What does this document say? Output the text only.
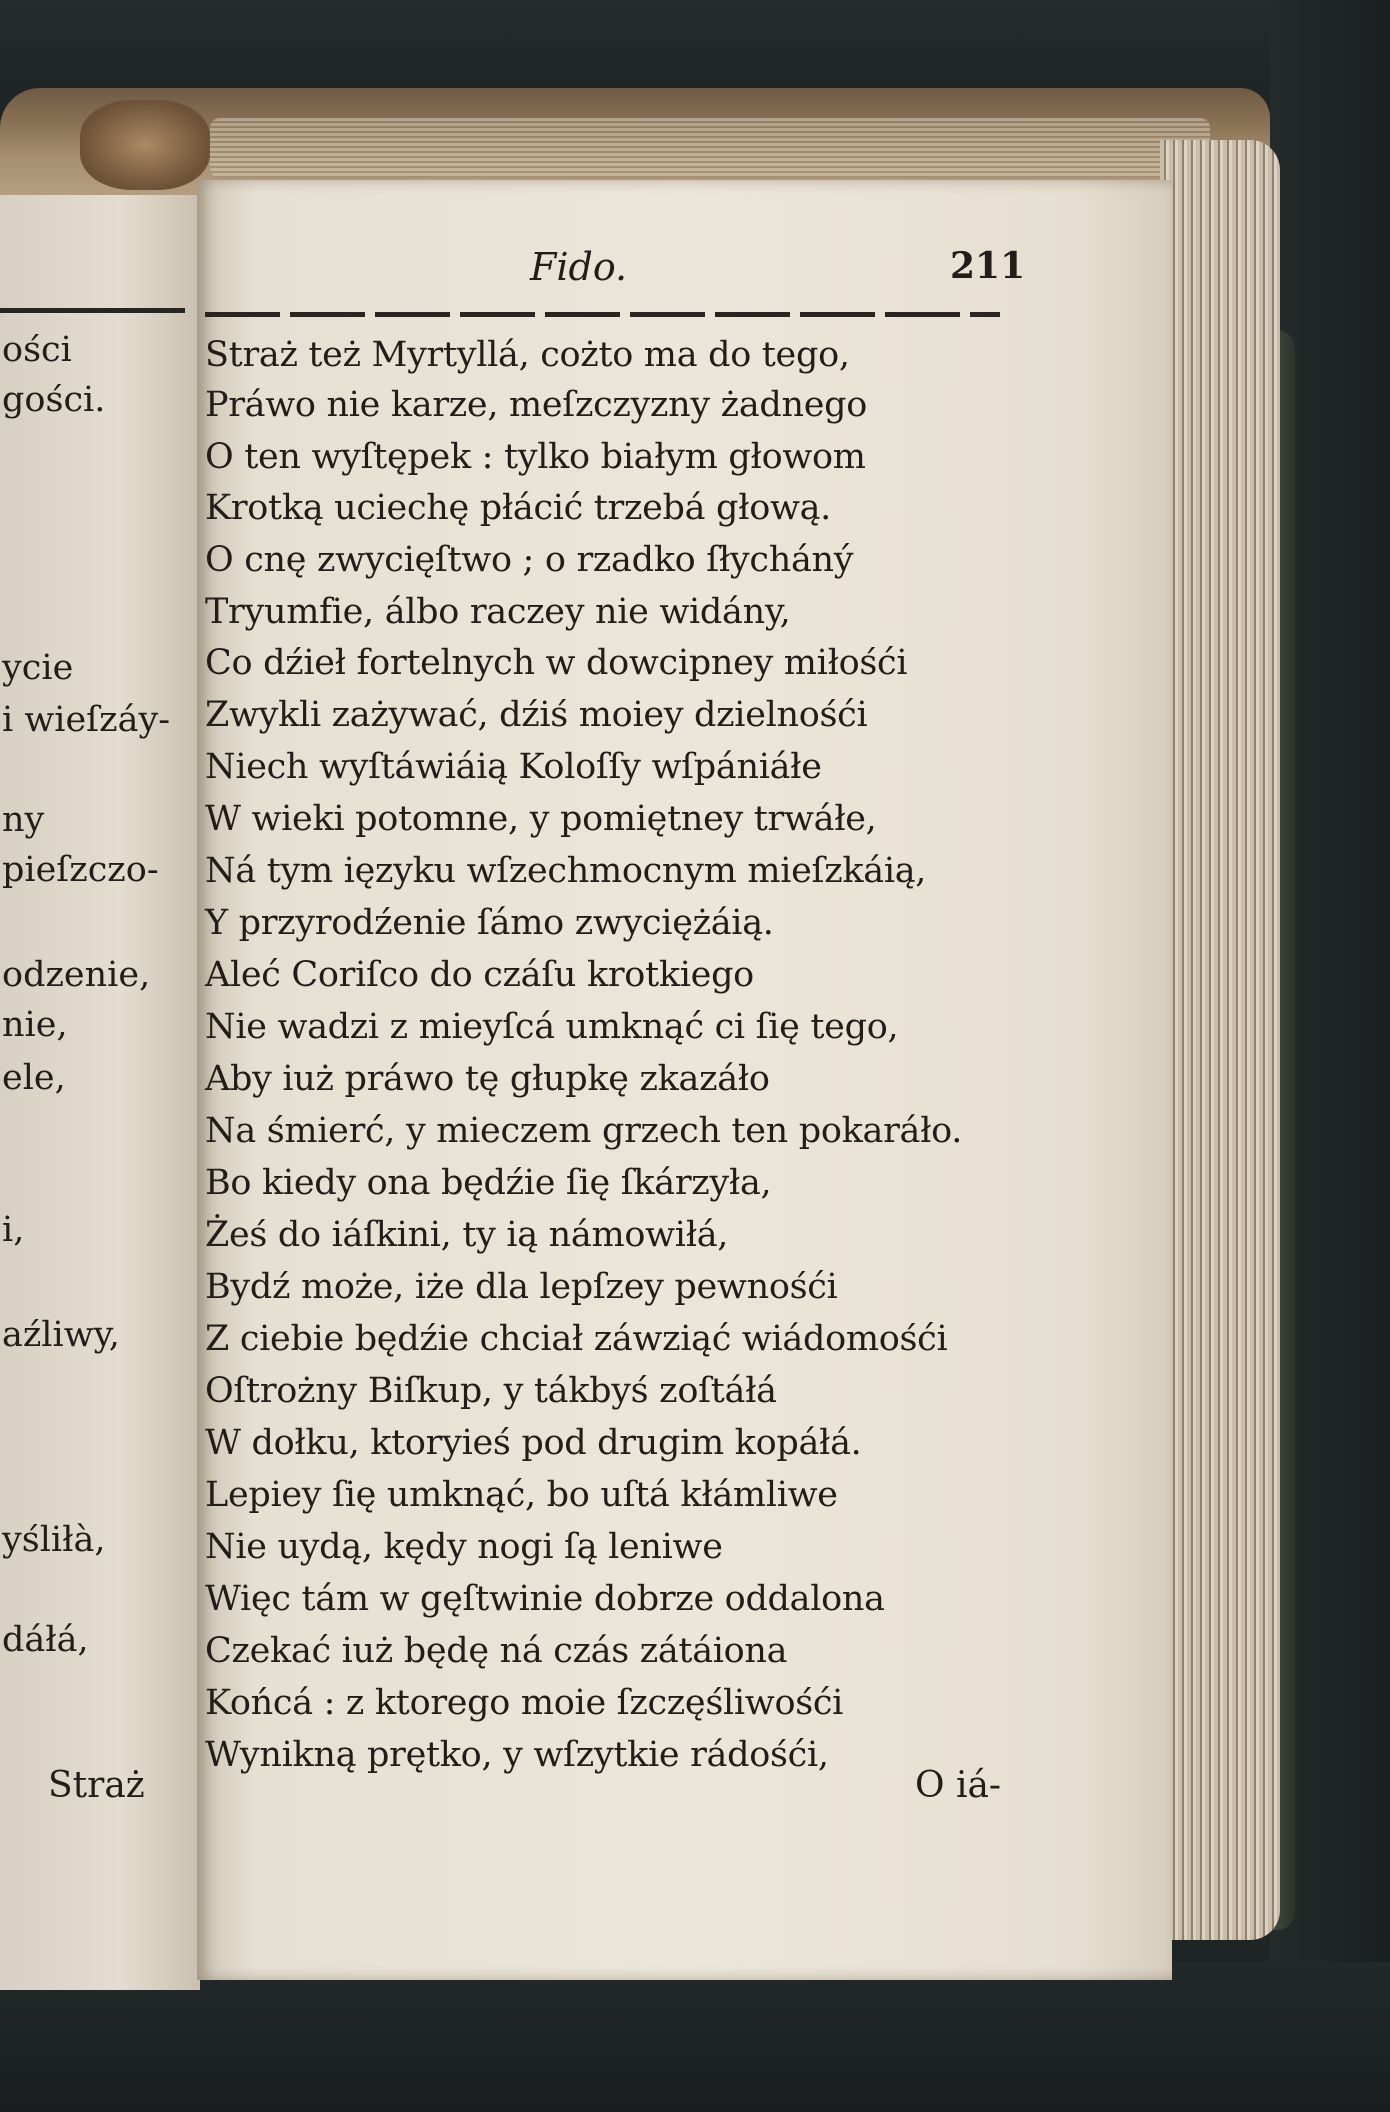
ości
gości.
ycie
i wieſzáy-
ny
pieſzczo-
odzenie,
nie,
ele,
i,
aźliwy,
yśliłà,
dáłá,
Straż
Fido.	211
Straż też Myrtyllá, cożto ma do tego,
Práwo nie karze, meſzczyzny żadnego
O ten wyſtępek : tylko białym głowom
Krotką uciechę płácić trzebá głową.
O cnę zwycięſtwo ; o rzadko ſłycháný
Tryumfie, álbo raczey nie widány,
Co dźieł fortelnych w dowcipney miłośći
Zwykli zażywać, dźiś moiey dzielnośći
Niech wyſtáwiáią Koloſſy wſpániáłe
W wieki potomne, y pomiętney trwáłe,
Ná tym ięzyku wſzechmocnym mieſzkáią,
Y przyrodźenie ſámo zwyciężáią.
Aleć Coriſco do czáſu krotkiego
Nie wadzi z mieyſcá umknąć ci ſię tego,
Aby iuż práwo tę głupkę zkazáło
Na śmierć, y mieczem grzech ten pokaráło.
Bo kiedy ona będźie ſię ſkárzyła,
Żeś do iáſkini, ty ią námowiłá,
Bydź może, iże dla lepſzey pewnośći
Z ciebie będźie chciał záwziąć wiádomośći
Oſtrożny Biſkup, y tákbyś zoſtáłá
W dołku, ktoryieś pod drugim kopáłá.
Lepiey ſię umknąć, bo uſtá kłámliwe
Nie uydą, kędy nogi ſą leniwe
Więc tám w gęſtwinie dobrze oddalona
Czekać iuż będę ná czás zátáiona
Końcá : z ktorego moie ſzczęśliwośći
Wynikną prętko, y wſzytkie rádośći,
O iá-
